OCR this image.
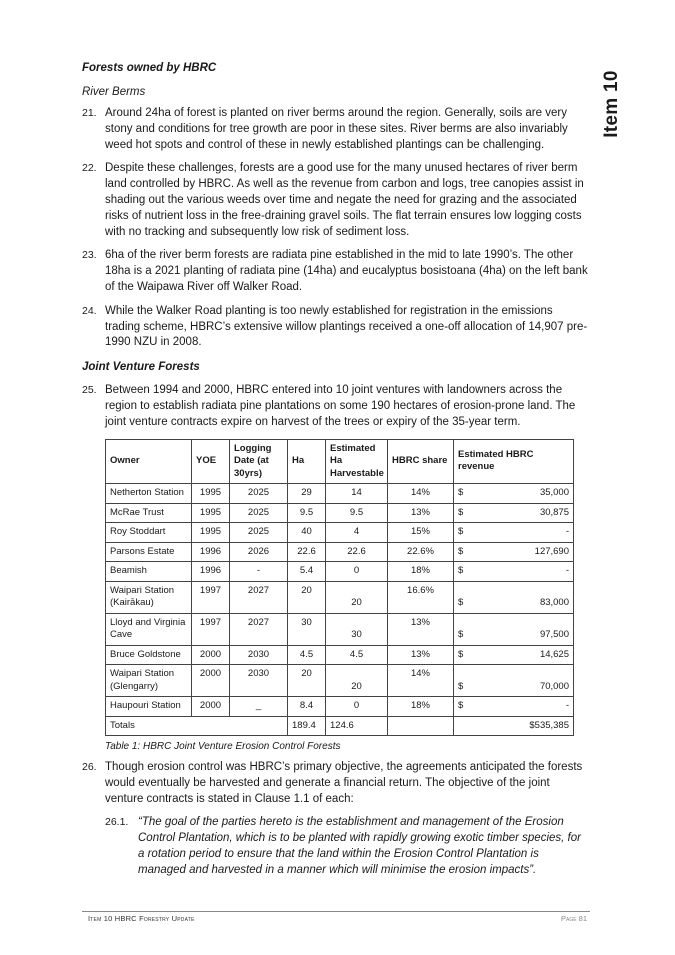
Item 10
Forests owned by HBRC
River Berms
21. Around 24ha of forest is planted on river berms around the region. Generally, soils are very stony and conditions for tree growth are poor in these sites. River berms are also invariably weed hot spots and control of these in newly established plantings can be challenging.
22. Despite these challenges, forests are a good use for the many unused hectares of river berm land controlled by HBRC. As well as the revenue from carbon and logs, tree canopies assist in shading out the various weeds over time and negate the need for grazing and the associated risks of nutrient loss in the free-draining gravel soils. The flat terrain ensures low logging costs with no tracking and subsequently low risk of sediment loss.
23. 6ha of the river berm forests are radiata pine established in the mid to late 1990’s. The other 18ha is a 2021 planting of radiata pine (14ha) and eucalyptus bosistoana (4ha) on the left bank of the Waipawa River off Walker Road.
24. While the Walker Road planting is too newly established for registration in the emissions trading scheme, HBRC’s extensive willow plantings received a one-off allocation of 14,907 pre-1990 NZU in 2008.
Joint Venture Forests
25. Between 1994 and 2000, HBRC entered into 10 joint ventures with landowners across the region to establish radiata pine plantations on some 190 hectares of erosion-prone land. The joint venture contracts expire on harvest of the trees or expiry of the 35-year term.
Owner	YOE	Logging Date (at 30yrs)	Ha	Estimated Ha Harvestable	HBRC share	Estimated HBRC revenue
Netherton Station	1995	2025	29	14	14%	$ 35,000

McRae Trust	1995	2025	9.5	9.5	13%	$ 30,875

Roy Stoddart	1995	2025	40	4	15%	$ -

Parsons Estate	1996	2026	22.6	22.6	22.6%	$ 127,690

Beamish	1996	-	5.4	0	18%	$ -

Waipari Station (Kairākau)	1997	2027	20	20	16.6%	$ 83,000

Lloyd and Virginia Cave	1997	2027	30	30	13%	$ 97,500

Bruce Goldstone	2000	2030	4.5	4.5	13%	$ 14,625

Waipari Station (Glengarry)	2000	2030	20	20	14%	$ 70,000

Haupouri Station	2000	_	8.4	0	18%	$ -

Totals			189.4	124.6		$535,385
Table 1: HBRC Joint Venture Erosion Control Forests
26. Though erosion control was HBRC’s primary objective, the agreements anticipated the forests would eventually be harvested and generate a financial return. The objective of the joint venture contracts is stated in Clause 1.1 of each:
26.1. “The goal of the parties hereto is the establishment and management of the Erosion Control Plantation, which is to be planted with rapidly growing exotic timber species, for a rotation period to ensure that the land within the Erosion Control Plantation is managed and harvested in a manner which will minimise the erosion impacts”.
Item 10 HBRC Forestry Update	Page 81
